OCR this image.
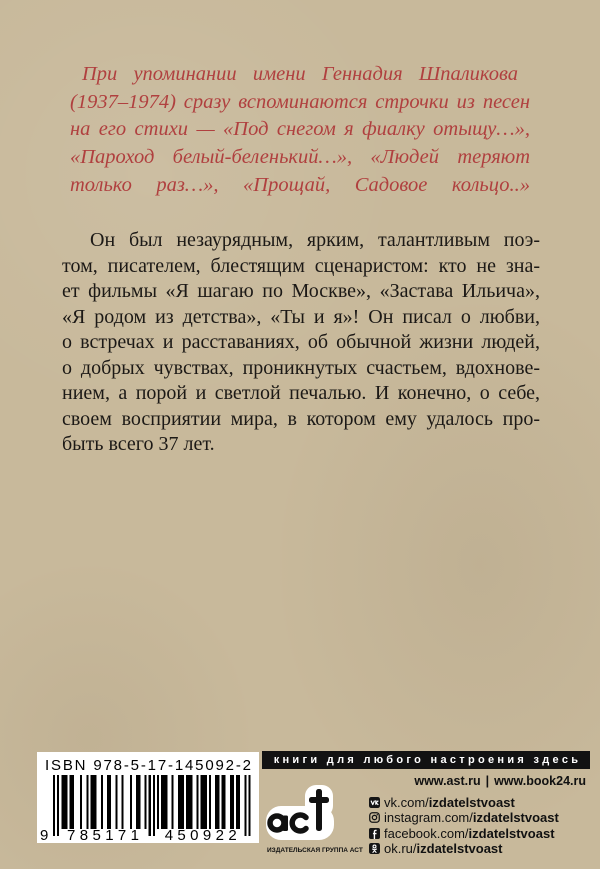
При упоминании имени Геннадия Шпаликова
(1937–1974) сразу вспоминаются строчки из песен
на его стихи — «Под снегом я фиалку отыщу…»,
«Пароход белый-беленький…», «Людей теряют
только раз…», «Прощай, Садовое кольцо..»
Он был незаурядным, ярким, талантливым поэ-
том, писателем, блестящим сценаристом: кто не зна-
ет фильмы «Я шагаю по Москве», «Застава Ильича»,
«Я родом из детства», «Ты и я»! Он писал о любви,
о встречах и расставаниях, об обычной жизни людей,
о добрых чувствах, проникнутых счастьем, вдохнове-
нием, а порой и светлой печалью. И конечно, о себе,
своем восприятии мира, в котором ему удалось про-
быть всего 37 лет.
ISBN 978-5-17-145092-2
9 785171 450922
книги для любого настроения здесь
www.ast.ru | www.book24.ru
ИЗДАТЕЛЬСКАЯ ГРУППА АСТ
vk.com/ izdatelstvoast
instagram.com/ izdatelstvoast
facebook.com/ izdatelstvoast
ok.ru/ izdatelstvoast
